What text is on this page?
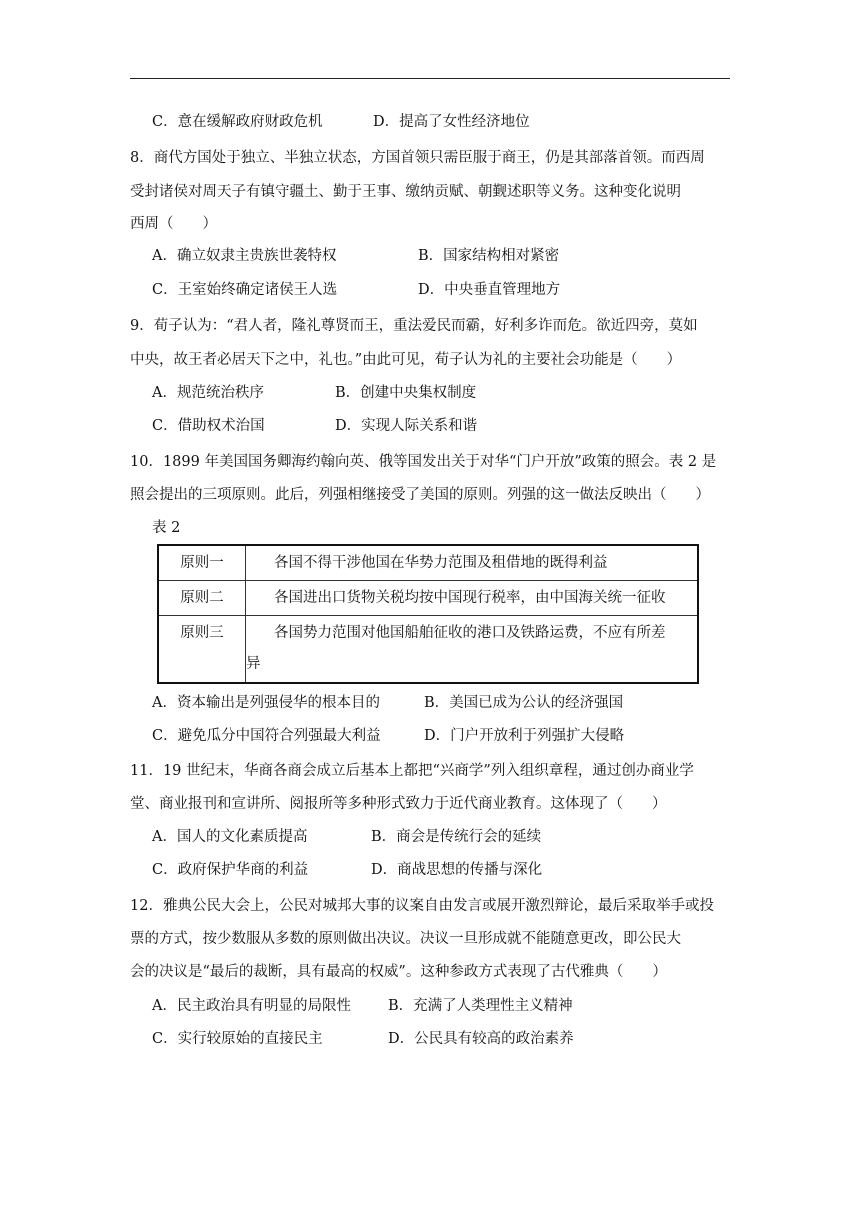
C．意在缓解政府财政危机	D．提高了女性经济地位
8．商代方国处于独立、半独立状态，方国首领只需臣服于商王，仍是其部落首领。而西周
受封诸侯对周天子有镇守疆土、勤于王事、缴纳贡赋、朝觐述职等义务。这种变化说明
西周（　　）
A．确立奴隶主贵族世袭特权	B．国家结构相对紧密
C．王室始终确定诸侯王人选	D．中央垂直管理地方
9．荀子认为：“君人者，隆礼尊贤而王，重法爱民而霸，好利多诈而危。欲近四旁，莫如
中央，故王者必居天下之中，礼也。”由此可见，荀子认为礼的主要社会功能是（　　）
A．规范统治秩序	B．创建中央集权制度
C．借助权术治国	D．实现人际关系和谐
10．1899 年美国国务卿海约翰向英、俄等国发出关于对华“门户开放”政策的照会。表 2 是
照会提出的三项原则。此后，列强相继接受了美国的原则。列强的这一做法反映出（　　）
表 2
原则一	各国不得干涉他国在华势力范围及租借地的既得利益

原则二	各国进出口货物关税均按中国现行税率，由中国海关统一征收

原则三	各国势力范围对他国船舶征收的港口及铁路运费，不应有所差
异
A．资本输出是列强侵华的根本目的	B．美国已成为公认的经济强国
C．避免瓜分中国符合列强最大利益	D．门户开放利于列强扩大侵略
11．19 世纪末，华商各商会成立后基本上都把“兴商学”列入组织章程，通过创办商业学
堂、商业报刊和宣讲所、阅报所等多种形式致力于近代商业教育。这体现了（　　）
A．国人的文化素质提高	B．商会是传统行会的延续
C．政府保护华商的利益	D．商战思想的传播与深化
12．雅典公民大会上，公民对城邦大事的议案自由发言或展开激烈辩论，最后采取举手或投
票的方式，按少数服从多数的原则做出决议。决议一旦形成就不能随意更改，即公民大
会的决议是“最后的裁断，具有最高的权威”。这种参政方式表现了古代雅典（　　）
A．民主政治具有明显的局限性	B．充满了人类理性主义精神
C．实行较原始的直接民主	D．公民具有较高的政治素养
